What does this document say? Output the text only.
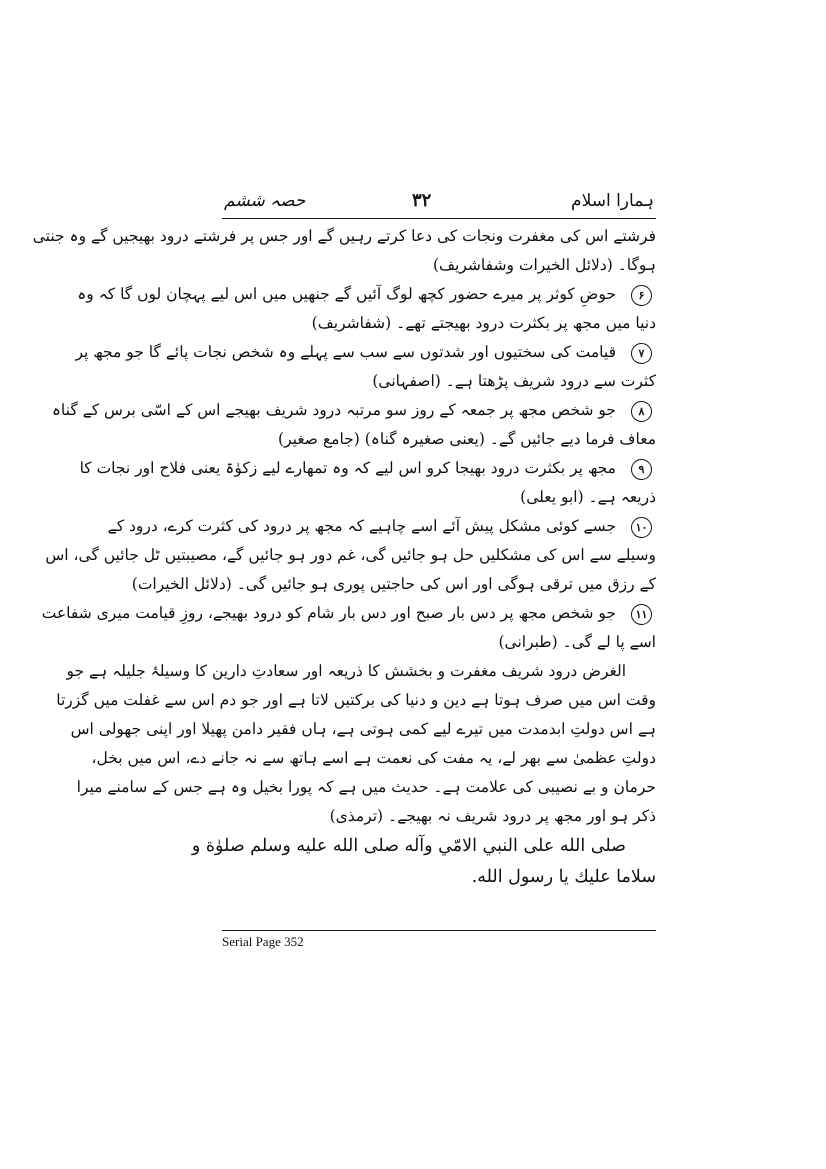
حصہ ششم	۳۲	ہمارا اسلام
فرشتے اس کی مغفرت ونجات کی دعا کرتے رہیں گے اور جس پر فرشتے درود بھیجیں گے وہ جنتی
ہوگا۔ (دلائل الخیرات وشفاشریف)
۶
حوضِ کوثر پر میرے حضور کچھ لوگ آئیں گے جنھیں میں اس لیے پہچان لوں گا کہ وہ
دنیا میں مجھ پر بکثرت درود بھیجتے تھے۔ (شفاشریف)
۷
قیامت کی سختیوں اور شدتوں سے سب سے پہلے وہ شخص نجات پائے گا جو مجھ پر
کثرت سے درود شریف پڑھتا ہے۔ (اصفہانی)
۸
جو شخص مجھ پر جمعہ کے روز سو مرتبہ درود شریف بھیجے اس کے اسّی برس کے گناہ
معاف فرما دیے جائیں گے۔ (یعنی صغیرہ گناہ) (جامع صغیر)
۹
مجھ پر بکثرت درود بھیجا کرو اس لیے کہ وہ تمھارے لیے زکوٰۃ یعنی فلاح اور نجات کا
ذریعہ ہے۔ (ابو یعلی)
۱۰
جسے کوئی مشکل پیش آئے اسے چاہیے کہ مجھ پر درود کی کثرت کرے، درود کے
وسیلے سے اس کی مشکلیں حل ہو جائیں گی، غم دور ہو جائیں گے، مصیبتیں ٹل جائیں گی، اس
کے رزق میں ترقی ہوگی اور اس کی حاجتیں پوری ہو جائیں گی۔ (دلائل الخیرات)
۱۱
جو شخص مجھ پر دس بار صبح اور دس بار شام کو درود بھیجے، روزِ قیامت میری شفاعت
اسے پا لے گی۔ (طبرانی)
الغرض درود شریف مغفرت و بخشش کا ذریعہ اور سعادتِ دارین کا وسیلۂ جلیلہ ہے جو
وقت اس میں صرف ہوتا ہے دین و دنیا کی برکتیں لاتا ہے اور جو دم اس سے غفلت میں گزرتا
ہے اس دولتِ ابدمدت میں تیرے لیے کمی ہوتی ہے، ہاں فقیر دامن پھیلا اور اپنی جھولی اس
دولتِ عظمیٰ سے بھر لے، یہ مفت کی نعمت ہے اسے ہاتھ سے نہ جانے دے، اس میں بخل،
حرمان و بے نصیبی کی علامت ہے۔ حدیث میں ہے کہ پورا بخیل وہ ہے جس کے سامنے میرا
ذکر ہو اور مجھ پر درود شریف نہ بھیجے۔ (ترمذی)
صلى الله على النبي الامّي وآله صلى الله عليه وسلم صلوٰة و
سلاما عليك يا رسول الله.
Serial Page 352
